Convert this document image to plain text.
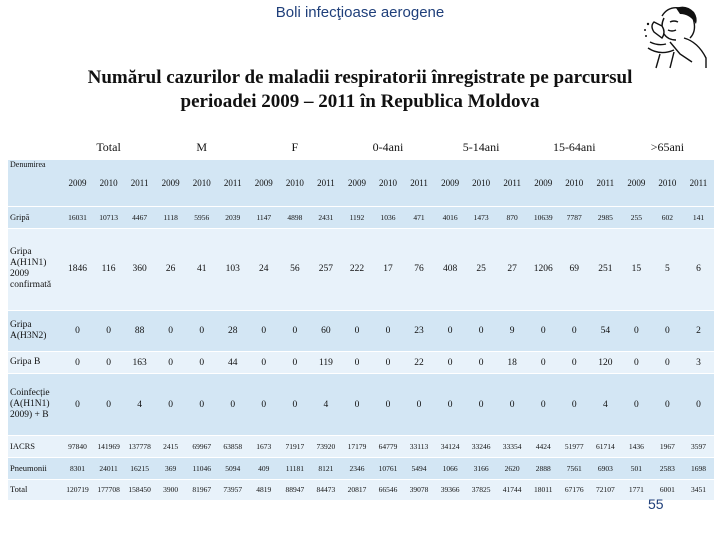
Boli infecţioase aerogene
Numărul cazurilor de maladii respiratorii înregistrate pe parcursul
perioadei 2009 – 2011 în Republica Moldova
	Total			M			F			0-4ani			5-14ani			15-64ani			>65ani		
Denumirea	2009	2010	2011	2009	2010	2011	2009	2010	2011	2009	2010	2011	2009	2010	2011	2009	2010	2011	2009	2010	2011
Gripă	16031	10713	4467	1118	5956	2039	1147	4898	2431	1192	1036	471	4016	1473	870	10639	7787	2985	255	602	141
Gripa A(H1N1) 2009 confirmată	1846	116	360	26	41	103	24	56	257	222	17	76	408	25	27	1206	69	251	15	5	6
Gripa A(H3N2)	0	0	88	0	0	28	0	0	60	0	0	23	0	0	9	0	0	54	0	0	2
Gripa B	0	0	163	0	0	44	0	0	119	0	0	22	0	0	18	0	0	120	0	0	3
Coinfecție (A(H1N1) 2009) + B	0	0	4	0	0	0	0	0	4	0	0	0	0	0	0	0	0	4	0	0	0
IACRS	97840	141969	137778	2415	69967	63858	1673	71917	73920	17179	64779	33113	34124	33246	33354	4424	51977	61714	1436	1967	3597
Pneumonii	8301	24011	16215	369	11046	5094	409	11181	8121	2346	10761	5494	1066	3166	2620	2888	7561	6903	501	2583	1698
Total	120719	177708	158450	3900	81967	73957	4819	88947	84473	20817	66546	39078	39366	37825	41744	18011	67176	72107	1771	6001	3451
55
